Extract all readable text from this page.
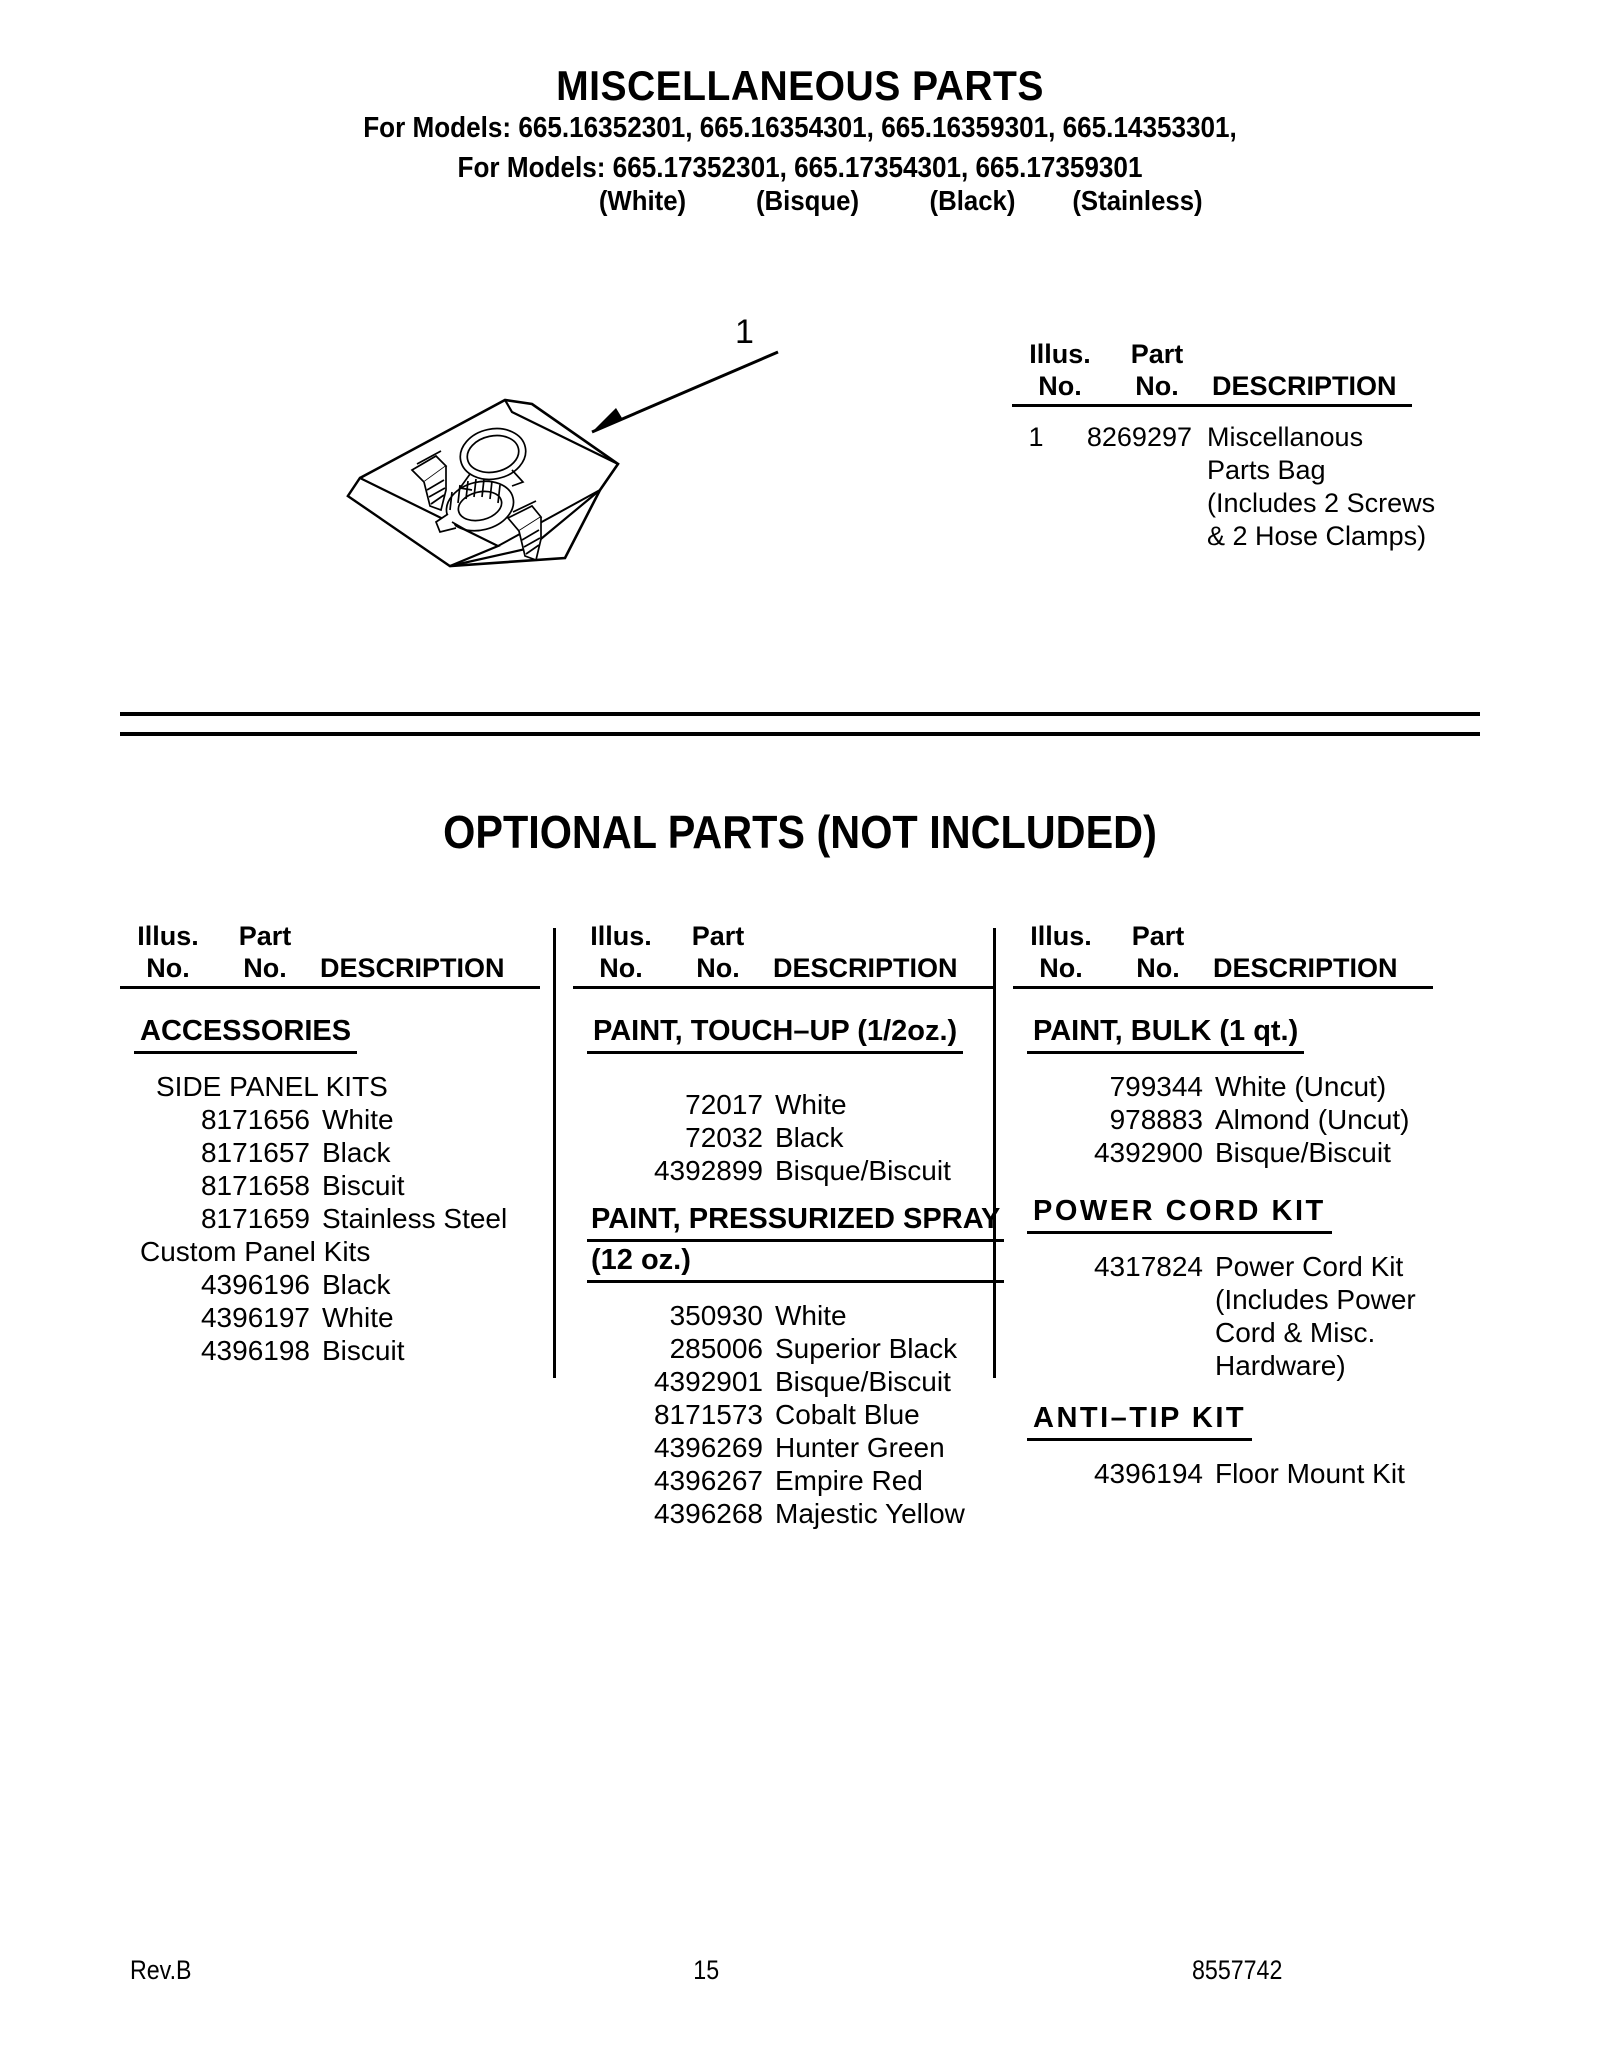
MISCELLANEOUS PARTS
For Models: 665.16352301, 665.16354301, 665.16359301, 665.14353301,
For Models: 665.17352301, 665.17354301, 665.17359301
(White)	(Bisque)	(Black)	(Stainless)
1
Illus.
No.
Part
No.	DESCRIPTION
1	8269297 Miscellanous
Parts Bag
(Includes 2 Screws
& 2 Hose Clamps)
OPTIONAL PARTS (NOT INCLUDED)
Illus.
No.
Part
No.	DESCRIPTION
ACCESSORIES
SIDE PANEL KITS
8171656 White
8171657 Black
8171658 Biscuit
8171659 Stainless Steel
Custom Panel Kits
4396196 Black
4396197 White
4396198 Biscuit
Illus.
No.
Part
No.	DESCRIPTION
PAINT, TOUCH–UP (1/2oz.)
72017 White
72032 Black
4392899 Bisque/Biscuit
PAINT, PRESSURIZED SPRAY
(12 oz.)
350930 White
285006 Superior Black
4392901 Bisque/Biscuit
8171573 Cobalt Blue
4396269 Hunter Green
4396267 Empire Red
4396268 Majestic Yellow
Illus.
No.
Part
No.	DESCRIPTION
PAINT, BULK (1 qt.)
799344 White (Uncut)
978883 Almond (Uncut)
4392900 Bisque/Biscuit
POWER CORD KIT
4317824 Power Cord Kit
(Includes Power
Cord & Misc.
Hardware)
ANTI–TIP KIT
4396194 Floor Mount Kit
Rev.B	15	8557742
